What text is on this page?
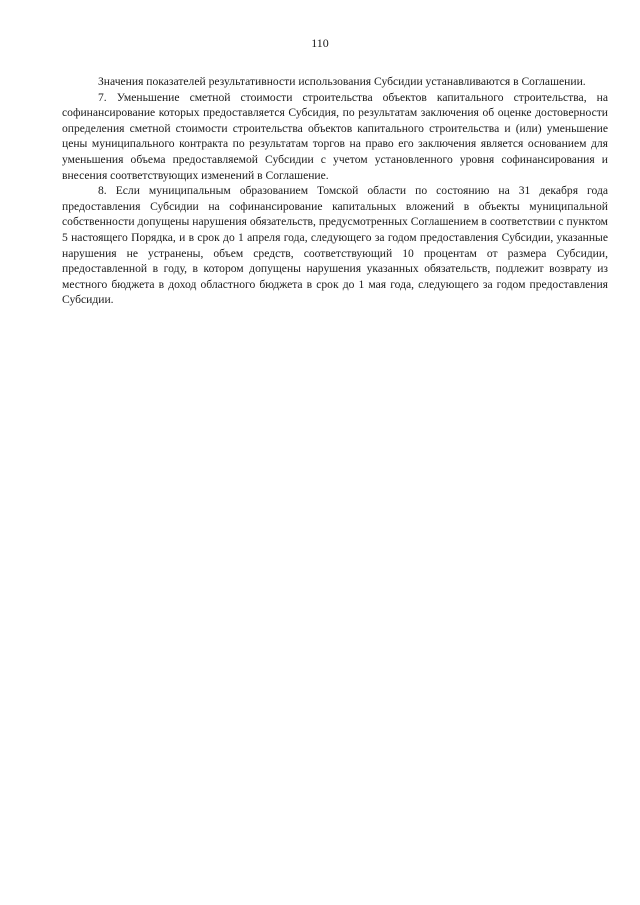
110

Значения показателей результативности использования Субсидии устанавливаются в Соглашении.

7. Уменьшение сметной стоимости строительства объектов капитального строительства, на софинансирование которых предоставляется Субсидия, по результатам заключения об оценке достоверности определения сметной стоимости строительства объектов капитального строительства и (или) уменьшение цены муниципального контракта по результатам торгов на право его заключения является основанием для уменьшения объема предоставляемой Субсидии с учетом установленного уровня софинансирования и внесения соответствующих изменений в Соглашение.

8. Если муниципальным образованием Томской области по состоянию на 31 декабря года предоставления Субсидии на софинансирование капитальных вложений в объекты муниципальной собственности допущены нарушения обязательств, предусмотренных Соглашением в соответствии с пунктом 5 настоящего Порядка, и в срок до 1 апреля года, следующего за годом предоставления Субсидии, указанные нарушения не устранены, объем средств, соответствующий 10 процентам от размера Субсидии, предоставленной в году, в котором допущены нарушения указанных обязательств, подлежит возврату из местного бюджета в доход областного бюджета в срок до 1 мая года, следующего за годом предоставления Субсидии.
